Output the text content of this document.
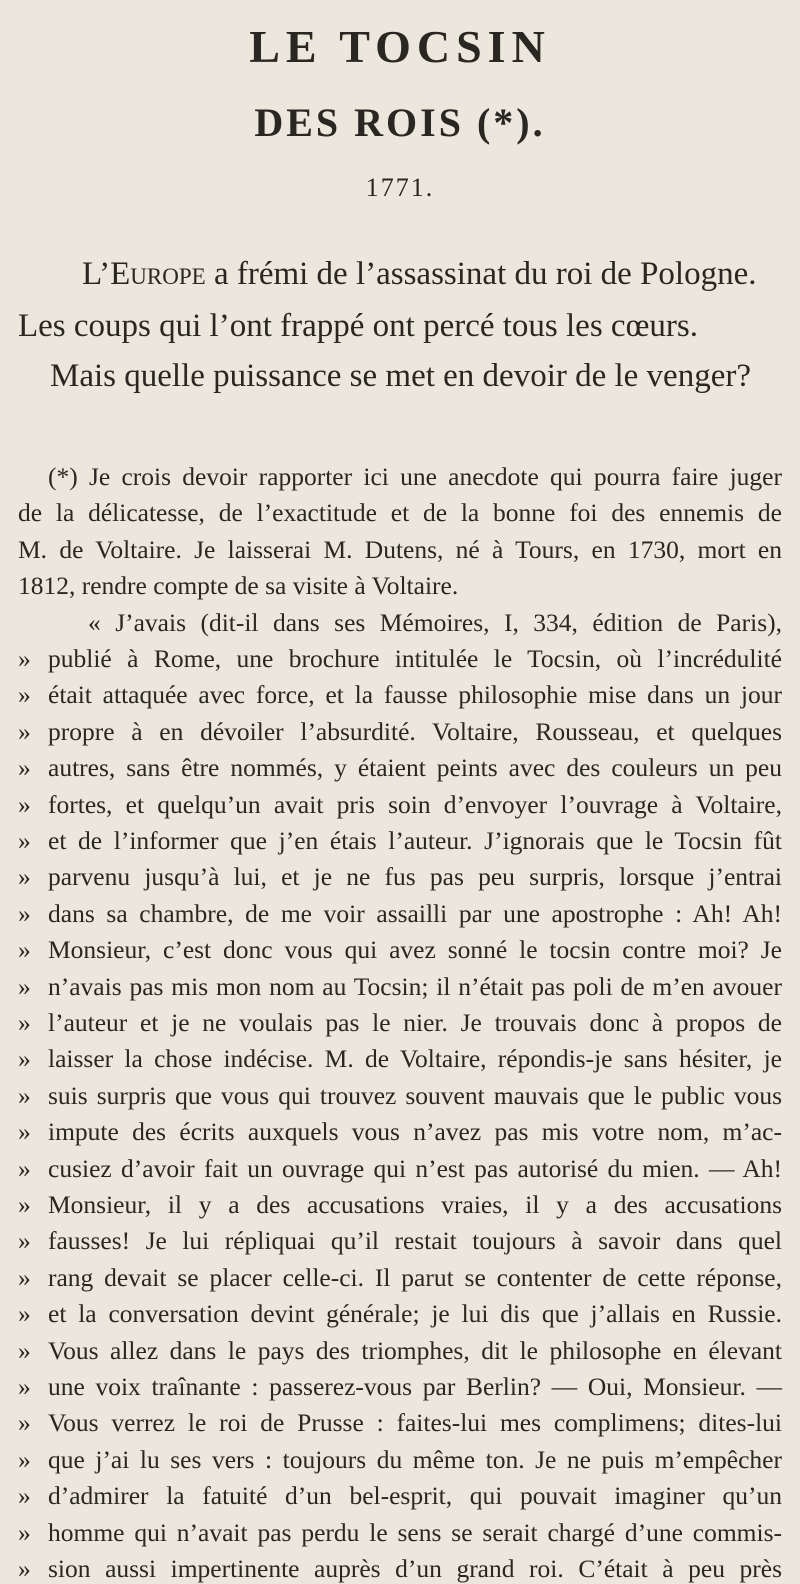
LE TOCSIN
DES ROIS (*).
1771.

L’Europe a frémi de l’assassinat du roi de Pologne.

Les coups qui l’ont frappé ont percé tous les cœurs.

Mais quelle puissance se met en devoir de le venger?

(*) Je crois devoir rapporter ici une anecdote qui pourra faire juger

de la délicatesse, de l’exactitude et de la bonne foi des ennemis de

M. de Voltaire. Je laisserai M. Dutens, né à Tours, en 1730, mort en

1812, rendre compte de sa visite à Voltaire.

« J’avais (dit-il dans ses Mémoires, I, 334, édition de Paris),

publié à Rome, une brochure intitulée le Tocsin, où l’incrédulité

»

était attaquée avec force, et la fausse philosophie mise dans un jour

»

propre à en dévoiler l’absurdité. Voltaire, Rousseau, et quelques

»

autres, sans être nommés, y étaient peints avec des couleurs un peu

»

fortes, et quelqu’un avait pris soin d’envoyer l’ouvrage à Voltaire,

»

et de l’informer que j’en étais l’auteur. J’ignorais que le Tocsin fût

»

parvenu jusqu’à lui, et je ne fus pas peu surpris, lorsque j’entrai

»

dans sa chambre, de me voir assailli par une apostrophe : Ah! Ah!

»

Monsieur, c’est donc vous qui avez sonné le tocsin contre moi? Je

»

n’avais pas mis mon nom au Tocsin; il n’était pas poli de m’en avouer

»

l’auteur et je ne voulais pas le nier. Je trouvais donc à propos de

»

laisser la chose indécise. M. de Voltaire, répondis-je sans hésiter, je

»

suis surpris que vous qui trouvez souvent mauvais que le public vous

»

impute des écrits auxquels vous n’avez pas mis votre nom, m’ac-

»

cusiez d’avoir fait un ouvrage qui n’est pas autorisé du mien. — Ah!

»

Monsieur, il y a des accusations vraies, il y a des accusations

»

fausses! Je lui répliquai qu’il restait toujours à savoir dans quel

»

rang devait se placer celle-ci. Il parut se contenter de cette réponse,

»

et la conversation devint générale; je lui dis que j’allais en Russie.

»

Vous allez dans le pays des triomphes, dit le philosophe en élevant

»

une voix traînante : passerez-vous par Berlin? — Oui, Monsieur. —

»

Vous verrez le roi de Prusse : faites-lui mes complimens; dites-lui

»

que j’ai lu ses vers : toujours du même ton. Je ne puis m’empêcher

»

d’admirer la fatuité d’un bel-esprit, qui pouvait imaginer qu’un

»

homme qui n’avait pas perdu le sens se serait chargé d’une commis-

»

sion aussi impertinente auprès d’un grand roi. C’était à peu près

»
